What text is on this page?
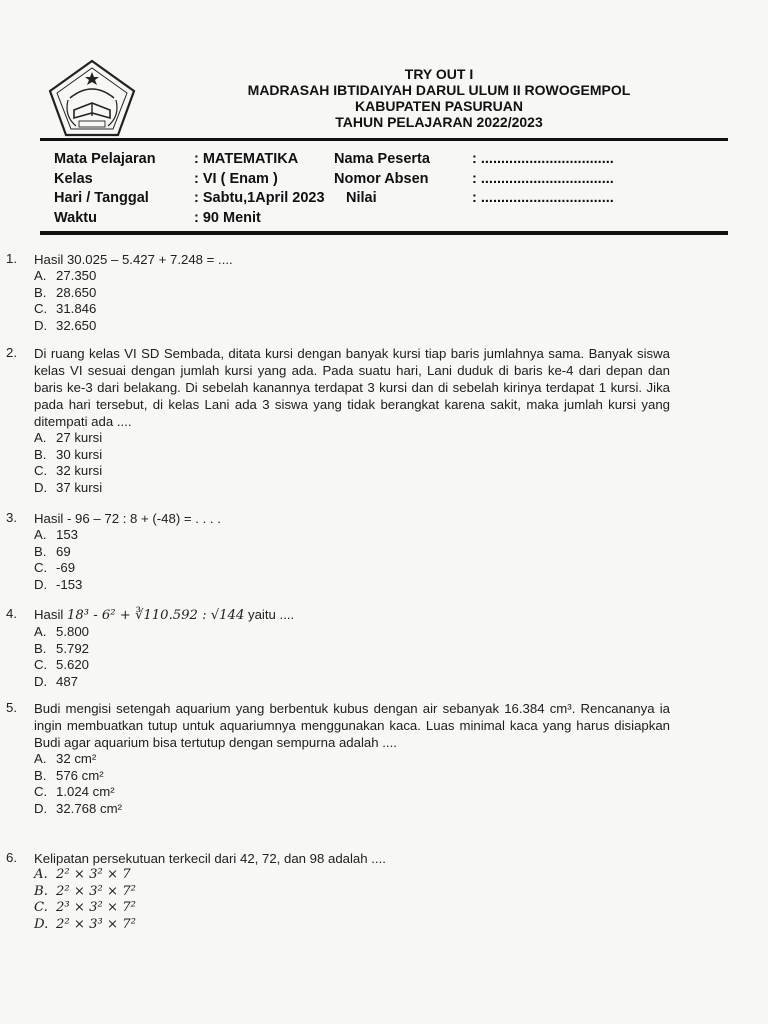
TRY OUT I
MADRASAH IBTIDAIYAH DARUL ULUM II ROWOGEMPOL
KABUPATEN PASURUAN
TAHUN PELAJARAN 2022/2023
Mata Pelajaran	: MATEMATIKA Nama Peserta	: .................................
Kelas	: VI ( Enam )	Nomor Absen	: .................................
Hari / Tanggal	: Sabtu,1April 2023 Nilai	: .................................
Waktu	: 90 Menit
1. Hasil 30.025 – 5.427 + 7.248 = ....

A. 27.350
B. 28.650
C. 31.846
D. 32.650
2. Di ruang kelas VI SD Sembada, ditata kursi dengan banyak kursi tiap baris jumlahnya sama. Banyak siswa kelas VI sesuai dengan jumlah kursi yang ada. Pada suatu hari, Lani duduk di baris ke-4 dari depan dan baris ke-3 dari belakang. Di sebelah kanannya terdapat 3 kursi dan di sebelah kirinya terdapat 1 kursi. Jika pada hari tersebut, di kelas Lani ada 3 siswa yang tidak berangkat karena sakit, maka jumlah kursi yang ditempati ada ....

A. 27 kursi
B. 30 kursi
C. 32 kursi
D. 37 kursi
3. Hasil - 96 – 72 : 8 + (-48) = . . . .

A. 153
B. 69
C. -69
D. -153
4. Hasil 18³ - 6² + ∛110.592 : √144 yaitu ....

A. 5.800
B. 5.792
C. 5.620
D. 487
5. Budi mengisi setengah aquarium yang berbentuk kubus dengan air sebanyak 16.384 cm³. Rencananya ia ingin membuatkan tutup untuk aquariumnya menggunakan kaca. Luas minimal kaca yang harus disiapkan Budi agar aquarium bisa tertutup dengan sempurna adalah ....

A. 32 cm²
B. 576 cm²
C. 1.024 cm²
D. 32.768 cm²
6. Kelipatan persekutuan terkecil dari 42, 72, dan 98 adalah ....

A. 2² × 3² × 7
B. 2² × 3² × 7²
C. 2³ × 3² × 7²
D. 2² × 3³ × 7²
